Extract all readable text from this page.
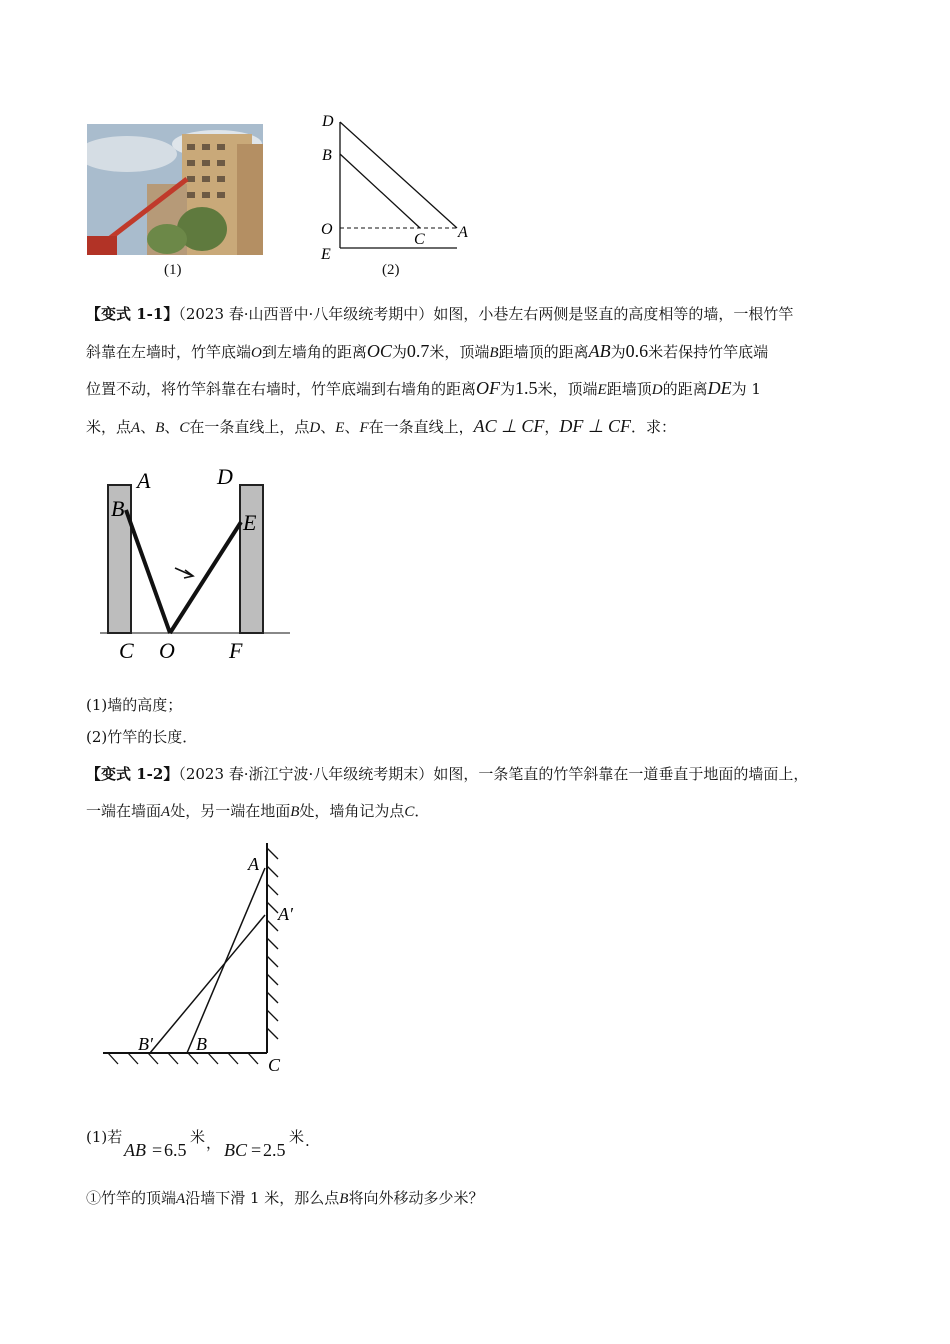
(1)
D
B
O
E
C A
(2)
【变式 1-1】（2023 春·山西晋中·八年级统考期中）如图，小巷左右两侧是竖直的高度相等的墙，一根竹竿
斜靠在左墙时，竹竿底端O到左墙角的距离OC为0.7米，顶端B距墙顶的距离AB为0.6米若保持竹竿底端
位置不动，将竹竿斜靠在右墙时，竹竿底端到右墙角的距离OF为1.5米，顶端E距墙顶D的距离DE为 1
米，点A、B、C在一条直线上，点D、E、F在一条直线上，AC ⊥ CF，DF ⊥ CF．求：
A
B
D
E
C O F
(1)墙的高度；
(2)竹竿的长度．
【变式 1-2】（2023 春·浙江宁波·八年级统考期末）如图，一条笔直的竹竿斜靠在一道垂直于地面的墙面上，
一端在墙面A处，另一端在地面B处，墙角记为点C．
A
A′
B′ B
C
(1)若
AB = 6.5
米 ， BC = 2.5
米 .
①竹竿的顶端A沿墙下滑 1 米，那么点B将向外移动多少米？
